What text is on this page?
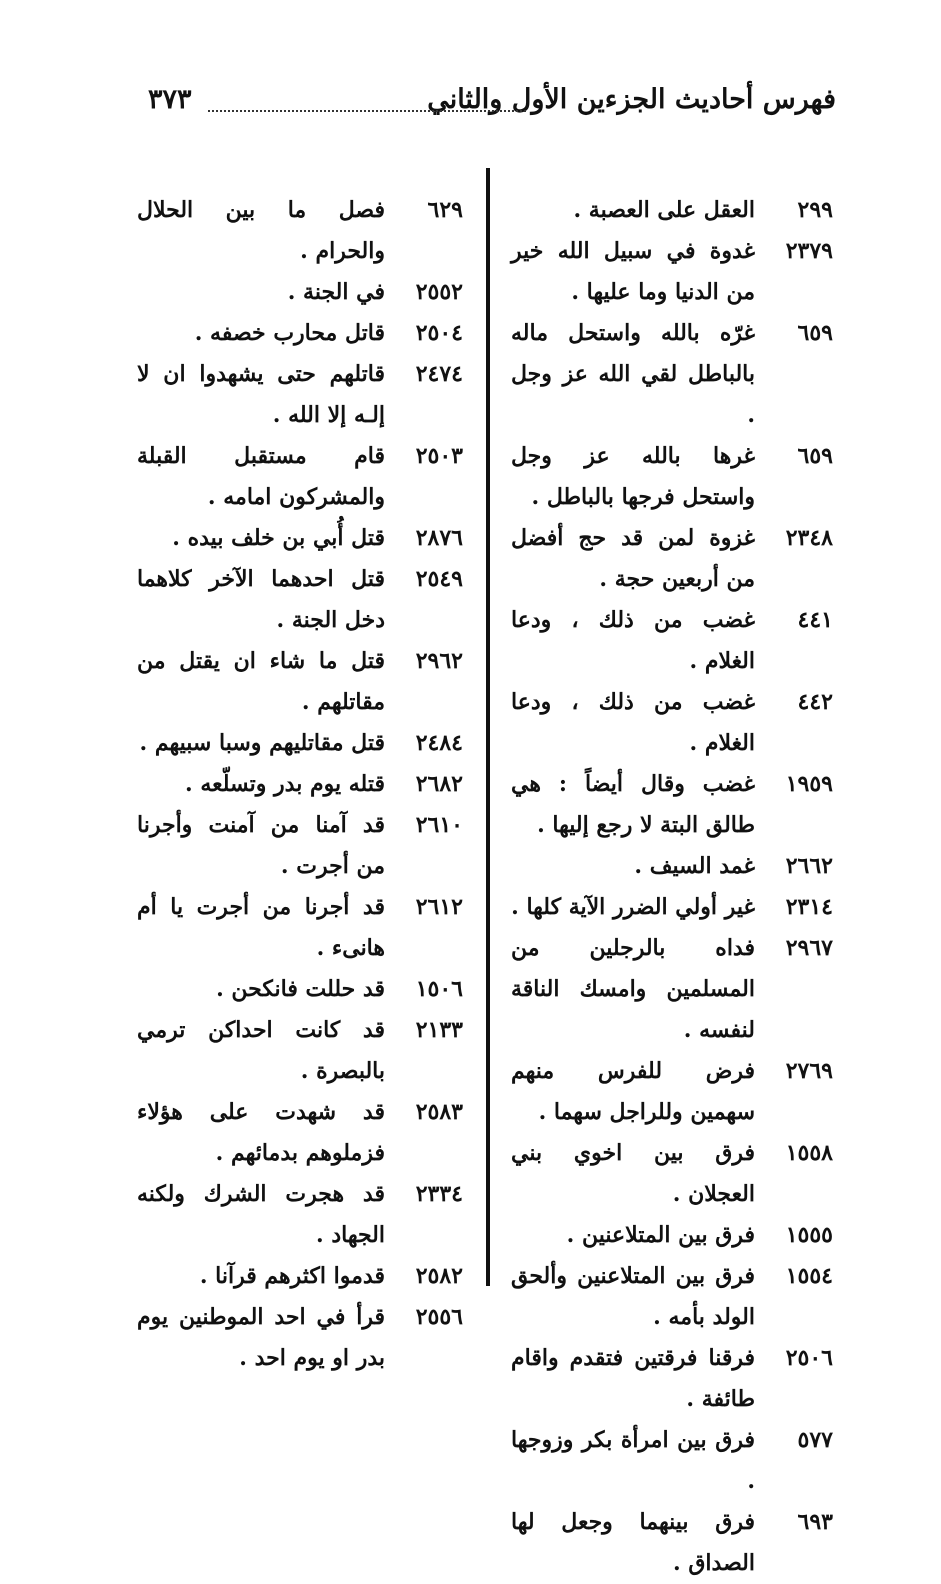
فهرس أحاديث الجزءين الأول والثاني
٣٧٣
٢٩٩
العقل على العصبة .
٢٣٧٩
غدوة في سبيل الله خير من الدنيا وما عليها .
٦٥٩
غرّه بالله واستحل ماله بالباطل لقي الله عز وجل .
٦٥٩
غرها بالله عز وجل واستحل فرجها بالباطل .
٢٣٤٨
غزوة لمن قد حج أفضل من أربعين حجة .
٤٤١
غضب من ذلك ، ودعا الغلام .
٤٤٢
غضب من ذلك ، ودعا الغلام .
١٩٥٩
غضب وقال أيضاً : هي طالق البتة لا رجع إليها .
٢٦٦٢
غمد السيف .
٢٣١٤
غير أولي الضرر الآية كلها .
٢٩٦٧
فداه بالرجلين من المسلمين وامسك الناقة لنفسه .
٢٧٦٩
فرض للفرس منهم سهمين وللراجل سهما .
١٥٥٨
فرق بين اخوي بني العجلان .
١٥٥٥
فرق بين المتلاعنين .
١٥٥٤
فرق بين المتلاعنين وألحق الولد بأمه .
٢٥٠٦
فرقنا فرقتين فتقدم واقام طائفة .
٥٧٧
فرق بين امرأة بكر وزوجها .
٦٩٣
فرق بينهما وجعل لها الصداق .
٦٢٩
فصل ما بين الحلال والحرام .
٢٥٥٢
في الجنة .
٢٥٠٤
قاتل محارب خصفه .
٢٤٧٤
قاتلهم حتى يشهدوا ان لا إلـه إلا الله .
٢٥٠٣
قام مستقبل القبلة والمشركون امامه .
٢٨٧٦
قتل أُبي بن خلف بيده .
٢٥٤٩
قتل احدهما الآخر كلاهما دخل الجنة .
٢٩٦٢
قتل ما شاء ان يقتل من مقاتلهم .
٢٤٨٤
قتل مقاتليهم وسبا سبيهم .
٢٦٨٢
قتله يوم بدر وتسلّعه .
٢٦١٠
قد آمنا من آمنت وأجرنا من أجرت .
٢٦١٢
قد أجرنا من أجرت يا أم هانىء .
١٥٠٦
قد حللت فانكحن .
٢١٣٣
قد كانت احداكن ترمي بالبصرة .
٢٥٨٣
قد شهدت على هؤلاء فزملوهم بدمائهم .
٢٣٣٤
قد هجرت الشرك ولكنه الجهاد .
٢٥٨٢
قدموا اكثرهم قرآنا .
٢٥٥٦
قرأ في احد الموطنين يوم بدر او يوم احد .
